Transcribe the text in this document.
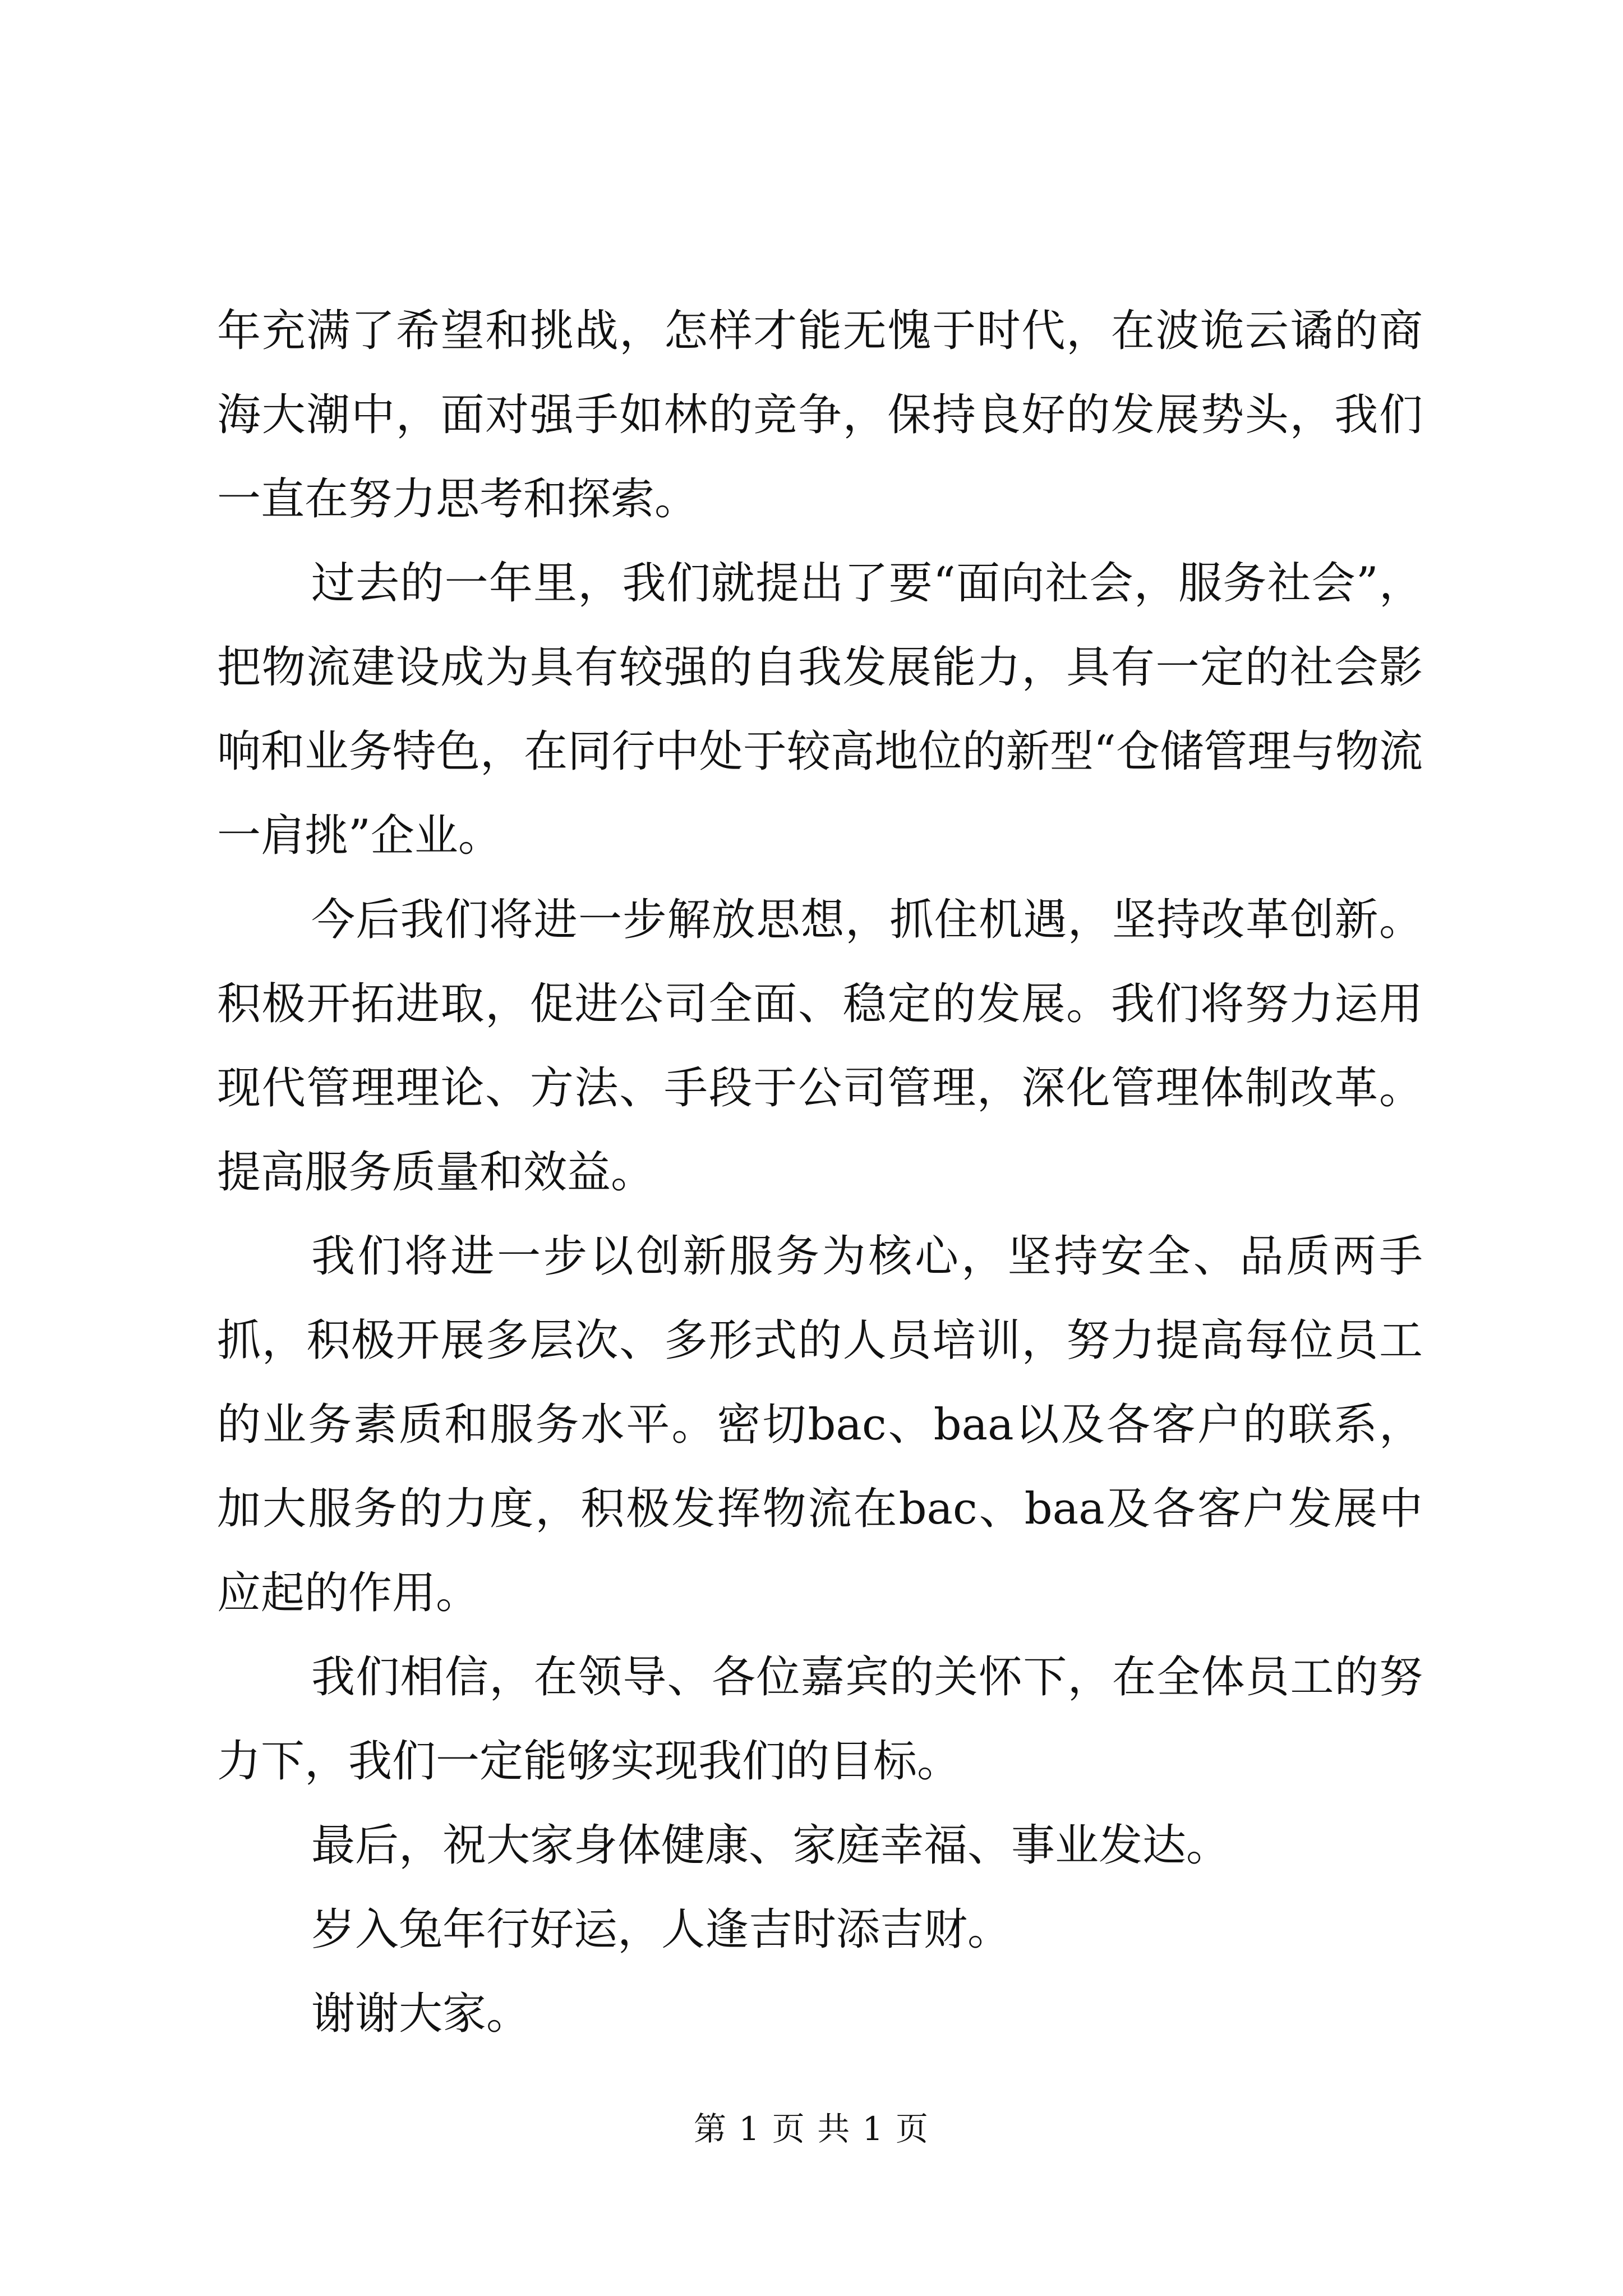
年充满了希望和挑战，怎样才能无愧于时代，在波诡云谲的商海大潮中，面对强手如林的竞争，保持良好的发展势头，我们一直在努力思考和探索。

过去的一年里，我们就提出了要“面向社会，服务社会”，把物流建设成为具有较强的自我发展能力，具有一定的社会影响和业务特色，在同行中处于较高地位的新型“仓储管理与物流一肩挑”企业。

今后我们将进一步解放思想，抓住机遇，坚持改革创新。积极开拓进取，促进公司全面、稳定的发展。我们将努力运用现代管理理论、方法、手段于公司管理，深化管理体制改革。提高服务质量和效益。

我们将进一步以创新服务为核心，坚持安全、品质两手抓，积极开展多层次、多形式的人员培训，努力提高每位员工的业务素质和服务水平。密切bac、baa以及各客户的联系，加大服务的力度，积极发挥物流在bac、baa及各客户发展中应起的作用。

我们相信，在领导、各位嘉宾的关怀下，在全体员工的努力下，我们一定能够实现我们的目标。

最后，祝大家身体健康、家庭幸福、事业发达。

岁入兔年行好运，人逢吉时添吉财。

谢谢大家。

第 1 页 共 1 页
